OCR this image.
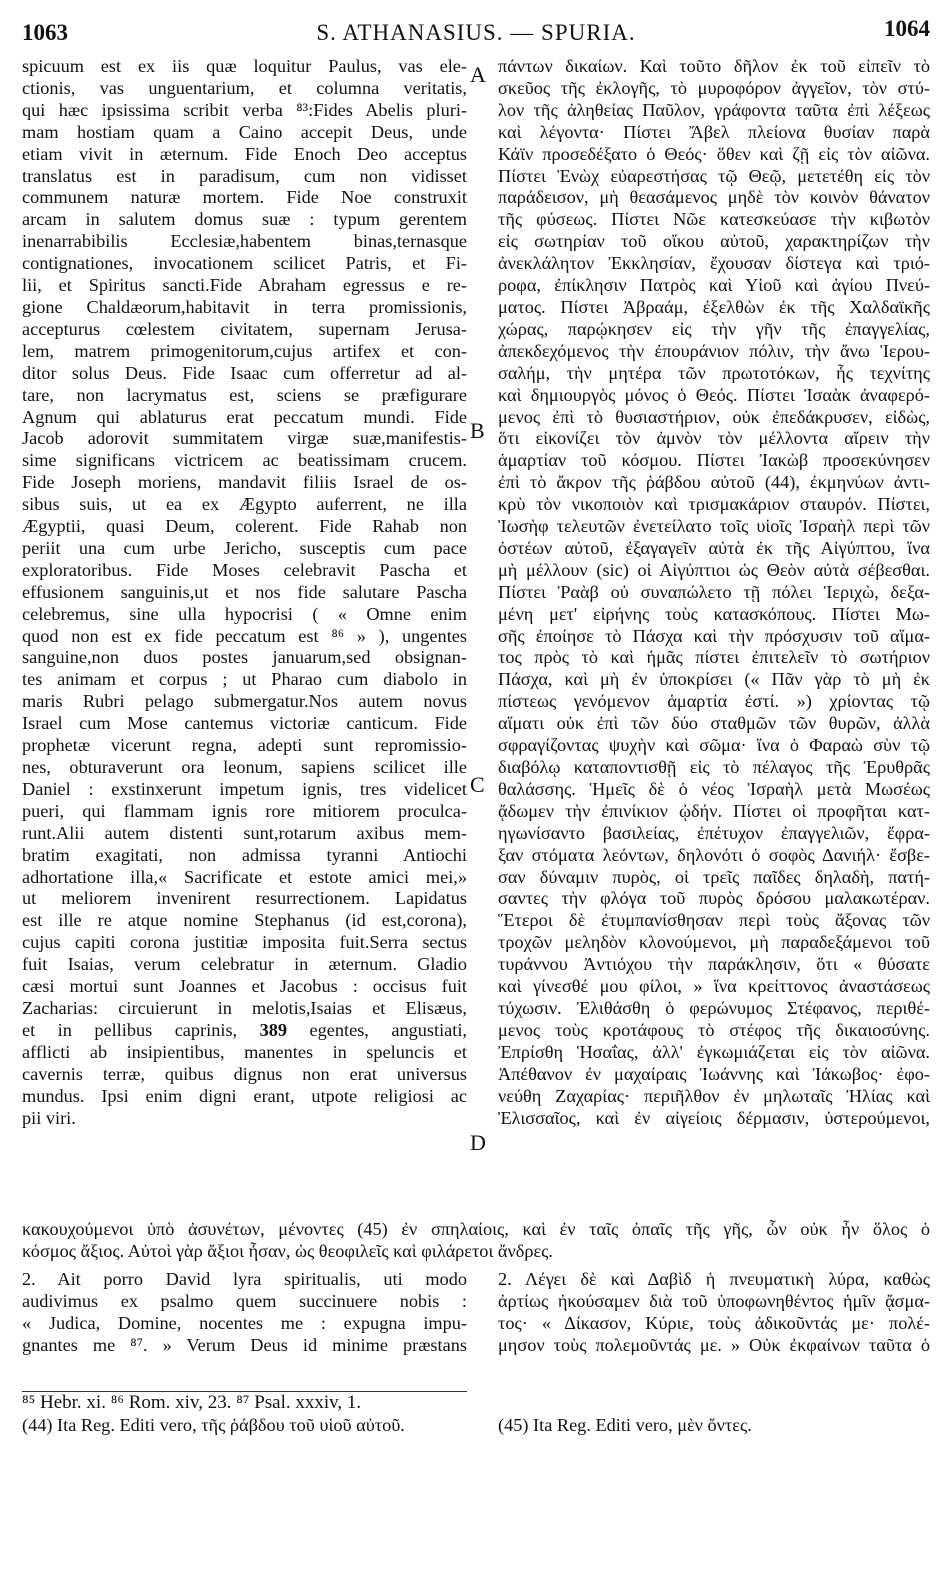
1063	S. ATHANASIUS. — SPURIA.	1064
spicuum est ex iis quæ loquitur Paulus, vas ele-
ctionis, vas unguentarium, et columna veritatis,
qui hæc ipsissima scribit verba ⁸³:Fides Abelis pluri-
mam hostiam quam a Caino accepit Deus, unde
etiam vivit in æternum. Fide Enoch Deo acceptus
translatus est in paradisum, cum non vidisset
communem naturæ mortem. Fide Noe construxit
arcam in salutem domus suæ : typum gerentem
inenarrabibilis Ecclesiæ,habentem binas,ternasque
contignationes, invocationem scilicet Patris, et Fi-
lii, et Spiritus sancti.Fide Abraham egressus e re-
gione Chaldæorum,habitavit in terra promissionis,
accepturus cœlestem civitatem, supernam Jerusa-
lem, matrem primogenitorum,cujus artifex et con-
ditor solus Deus. Fide Isaac cum offerretur ad al-
tare, non lacrymatus est, sciens se præfigurare
Agnum qui ablaturus erat peccatum mundi. Fide
Jacob adorovit summitatem virgæ suæ,manifestis-
sime significans victricem ac beatissimam crucem.
Fide Joseph moriens, mandavit filiis Israel de os-
sibus suis, ut ea ex Ægypto auferrent, ne illa
Ægyptii, quasi Deum, colerent. Fide Rahab non
periit una cum urbe Jericho, susceptis cum pace
exploratoribus. Fide Moses celebravit Pascha et
effusionem sanguinis,ut et nos fide salutare Pascha
celebremus, sine ulla hypocrisi ( « Omne enim
quod non est ex fide peccatum est ⁸⁶ » ), ungentes
sanguine,non duos postes januarum,sed obsignan-
tes animam et corpus ; ut Pharao cum diabolo in
maris Rubri pelago submergatur.Nos autem novus
Israel cum Mose cantemus victoriæ canticum. Fide
prophetæ vicerunt regna, adepti sunt repromissio-
nes, obturaverunt ora leonum, sapiens scilicet ille
Daniel : exstinxerunt impetum ignis, tres videlicet
pueri, qui flammam ignis rore mitiorem proculca-
runt.Alii autem distenti sunt,rotarum axibus mem-
bratim exagitati, non admissa tyranni Antiochi
adhortatione illa,« Sacrificate et estote amici mei,»
ut meliorem invenirent resurrectionem. Lapidatus
est ille re atque nomine Stephanus (id est,corona),
cujus capiti corona justitiæ imposita fuit.Serra sectus
fuit Isaias, verum celebratur in æternum. Gladio
cæsi mortui sunt Joannes et Jacobus : occisus fuit
Zacharias: circuierunt in melotis,Isaias et Elisæus,
et in pellibus caprinis, 389 egentes, angustiati,
afflicti ab insipientibus, manentes in speluncis et
cavernis terræ, quibus dignus non erat universus
mundus. Ipsi enim digni erant, utpote religiosi ac
pii viri.
πάντων δικαίων. Καὶ τοῦτο δῆλον ἐκ τοῦ εἰπεῖν τὸ
σκεῦος τῆς ἐκλογῆς, τὸ μυροφόρον ἀγγεῖον, τὸν στύ-
λον τῆς ἀληθείας Παῦλον, γράφοντα ταῦτα ἐπὶ λέξεως
καὶ λέγοντα· Πίστει Ἄβελ πλείονα θυσίαν παρὰ
Κάϊν προσεδέξατο ὁ Θεός· ὅθεν καὶ ζῇ εἰς τὸν αἰῶνα.
Πίστει Ἐνὼχ εὐαρεστήσας τῷ Θεῷ, μετετέθη εἰς τὸν
παράδεισον, μὴ θεασάμενος μηδὲ τὸν κοινὸν θάνατον
τῆς φύσεως. Πίστει Νῶε κατεσκεύασε τὴν κιβωτὸν
εἰς σωτηρίαν τοῦ οἴκου αὐτοῦ, χαρακτηρίζων τὴν
ἀνεκλάλητον Ἐκκλησίαν, ἔχουσαν δίστεγα καὶ τριό-
ροφα, ἐπίκλησιν Πατρὸς καὶ Υἱοῦ καὶ ἁγίου Πνεύ-
ματος. Πίστει Ἀβραάμ, ἐξελθὼν ἐκ τῆς Χαλδαϊκῆς
χώρας, παρῴκησεν εἰς τὴν γῆν τῆς ἐπαγγελίας,
ἀπεκδεχόμενος τὴν ἐπουράνιον πόλιν, τὴν ἄνω Ἱερου-
σαλήμ, τὴν μητέρα τῶν πρωτοτόκων, ἧς τεχνίτης
καὶ δημιουργὸς μόνος ὁ Θεός. Πίστει Ἰσαὰκ ἀναφερό-
μενος ἐπὶ τὸ θυσιαστήριον, οὐκ ἐπεδάκρυσεν, εἰδὼς,
ὅτι εἰκονίζει τὸν ἀμνὸν τὸν μέλλοντα αἴρειν τὴν
ἁμαρτίαν τοῦ κόσμου. Πίστει Ἰακὼβ προσεκύνησεν
ἐπὶ τὸ ἄκρον τῆς ῥάβδου αὐτοῦ (44), ἐκμηνύων ἀντι-
κρὺ τὸν νικοποιὸν καὶ τρισμακάριον σταυρόν. Πίστει,
Ἰωσὴφ τελευτῶν ἐνετείλατο τοῖς υἱοῖς Ἰσραὴλ περὶ τῶν
ὀστέων αὐτοῦ, ἐξαγαγεῖν αὐτὰ ἐκ τῆς Αἰγύπτου, ἵνα
μὴ μέλλουν (sic) οἱ Αἰγύπτιοι ὡς Θεὸν αὐτὰ σέβεσθαι.
Πίστει Ῥαὰβ οὐ συναπώλετο τῇ πόλει Ἱεριχὼ, δεξα-
μένη μετ' εἰρήνης τοὺς κατασκόπους. Πίστει Μω-
σῆς ἐποίησε τὸ Πάσχα καὶ τὴν πρόσχυσιν τοῦ αἵμα-
τος πρὸς τὸ καὶ ἡμᾶς πίστει ἐπιτελεῖν τὸ σωτήριον
Πάσχα, καὶ μὴ ἐν ὑποκρίσει (« Πᾶν γὰρ τὸ μὴ ἐκ
πίστεως γενόμενον ἁμαρτία ἐστί. ») χρίοντας τῷ
αἵματι οὐκ ἐπὶ τῶν δύο σταθμῶν τῶν θυρῶν, ἀλλὰ
σφραγίζοντας ψυχὴν καὶ σῶμα· ἵνα ὁ Φαραὼ σὺν τῷ
διαβόλῳ καταποντισθῇ εἰς τὸ πέλαγος τῆς Ἐρυθρᾶς
θαλάσσης. Ἡμεῖς δὲ ὁ νέος Ἰσραὴλ μετὰ Μωσέως
ᾄδωμεν τὴν ἐπινίκιον ᾠδήν. Πίστει οἱ προφῆται κατ-
ηγωνίσαντο βασιλείας, ἐπέτυχον ἐπαγγελιῶν, ἔφρα-
ξαν στόματα λεόντων, δηλονότι ὁ σοφὸς Δανιήλ· ἔσβε-
σαν δύναμιν πυρὸς, οἱ τρεῖς παῖδες δηλαδὴ, πατή-
σαντες τὴν φλόγα τοῦ πυρὸς δρόσου μαλακωτέραν.
Ἕτεροι δὲ ἐτυμπανίσθησαν περὶ τοὺς ἄξονας τῶν
τροχῶν μεληδὸν κλονούμενοι, μὴ παραδεξάμενοι τοῦ
τυράννου Ἀντιόχου τὴν παράκλησιν, ὅτι « θύσατε
καὶ γίνεσθέ μου φίλοι, » ἵνα κρείττονος ἀναστάσεως
τύχωσιν. Ἐλιθάσθη ὁ φερώνυμος Στέφανος, περιθέ-
μενος τοὺς κροτάφους τὸ στέφος τῆς δικαιοσύνης.
Ἐπρίσθη Ἡσαΐας, ἀλλ' ἐγκωμιάζεται εἰς τὸν αἰῶνα.
Ἀπέθανον ἐν μαχαίραις Ἰωάννης καὶ Ἰάκωβος· ἐφο-
νεύθη Ζαχαρίας· περιῆλθον ἐν μηλωταῖς Ἠλίας καὶ
Ἐλισσαῖος, καὶ ἐν αἰγείοις δέρμασιν, ὑστερούμενοι,
A
B
C
D
κακουχούμενοι ὑπὸ ἀσυνέτων, μένοντες (45) ἐν σπηλαίοις, καὶ ἐν ταῖς ὀπαῖς τῆς γῆς, ὧν οὐκ ἦν ὅλος ὁ
κόσμος ἄξιος. Αὐτοὶ γὰρ ἄξιοι ἦσαν, ὡς θεοφιλεῖς καὶ φιλάρετοι ἄνδρες.
2. Ait porro David lyra spiritualis, uti modo
audivimus ex psalmo quem succinuere nobis :
« Judica, Domine, nocentes me : expugna impu-
gnantes me ⁸⁷. » Verum Deus id minime præstans
2. Λέγει δὲ καὶ Δαβὶδ ἡ πνευματικὴ λύρα, καθὼς
ἀρτίως ἠκούσαμεν διὰ τοῦ ὑποφωνηθέντος ἡμῖν ᾄσμα-
τος· « Δίκασον, Κύριε, τοὺς ἀδικοῦντάς με· πολέ-
μησον τοὺς πολεμοῦντάς με. » Οὐκ ἐκφαίνων ταῦτα ὁ
⁸⁵ Hebr. xi. ⁸⁶ Rom. xiv, 23. ⁸⁷ Psal. xxxiv, 1.
(44) Ita Reg. Editi vero, τῆς ῥάβδου τοῦ υἱοῦ αὐτοῦ.	(45) Ita Reg. Editi vero, μὲν ὄντες.
